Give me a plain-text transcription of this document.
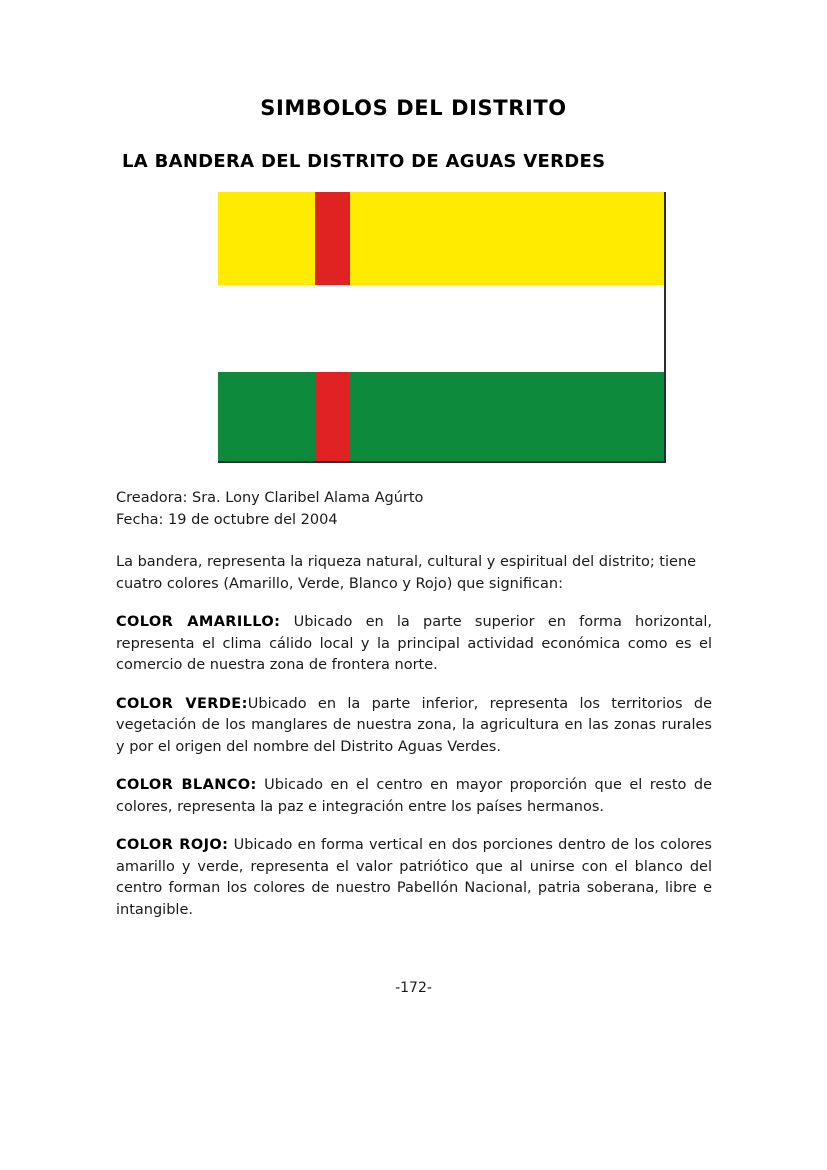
SIMBOLOS DEL DISTRITO
LA BANDERA DEL DISTRITO DE AGUAS VERDES
Creadora: Sra. Lony Claribel Alama Agúrto
Fecha: 19 de octubre del 2004

La bandera, representa la riqueza natural, cultural y espiritual del distrito; tiene cuatro colores (Amarillo, Verde, Blanco y Rojo) que significan:

COLOR AMARILLO: Ubicado en la parte superior en forma horizontal, representa el clima cálido local y la principal actividad económica como es el comercio de nuestra zona de frontera norte.

COLOR VERDE:Ubicado en la parte inferior, representa los territorios de vegetación de los manglares de nuestra zona, la agricultura en las zonas rurales y por el origen del nombre del Distrito Aguas Verdes.

COLOR BLANCO: Ubicado en el centro en mayor proporción que el resto de colores, representa la paz e integración entre los países hermanos.

COLOR ROJO: Ubicado en forma vertical en dos porciones dentro de los colores amarillo y verde, representa el valor patriótico que al unirse con el blanco del centro forman los colores de nuestro Pabellón Nacional, patria soberana, libre e intangible.

-172-
